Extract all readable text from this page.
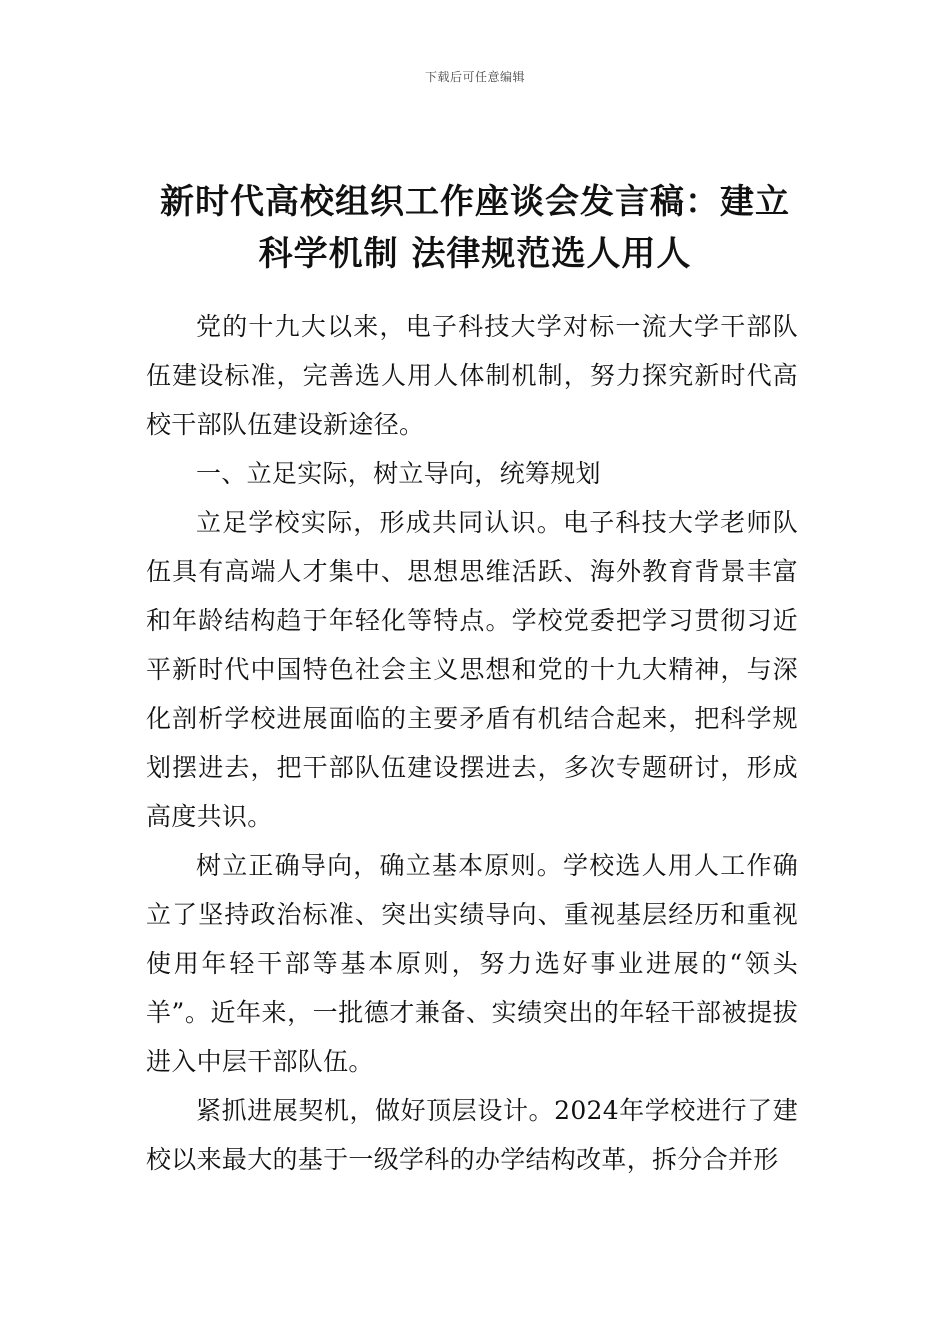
下载后可任意编辑
新时代高校组织工作座谈会发言稿：建立
科学机制 法律规范选人用人

党的十九大以来，电子科技大学对标一流大学干部队伍建设标准，完善选人用人体制机制，努力探究新时代高校干部队伍建设新途径。

一、立足实际，树立导向，统筹规划

立足学校实际，形成共同认识。电子科技大学老师队伍具有高端人才集中、思想思维活跃、海外教育背景丰富和年龄结构趋于年轻化等特点。学校党委把学习贯彻习近平新时代中国特色社会主义思想和党的十九大精神，与深化剖析学校进展面临的主要矛盾有机结合起来，把科学规划摆进去，把干部队伍建设摆进去，多次专题研讨，形成高度共识。

树立正确导向，确立基本原则。学校选人用人工作确立了坚持政治标准、突出实绩导向、重视基层经历和重视使用年轻干部等基本原则，努力选好事业进展的“领头羊”。近年来，一批德才兼备、实绩突出的年轻干部被提拔进入中层干部队伍。

紧抓进展契机，做好顶层设计。2024年学校进行了建校以来最大的基于一级学科的办学结构改革，拆分合并形
